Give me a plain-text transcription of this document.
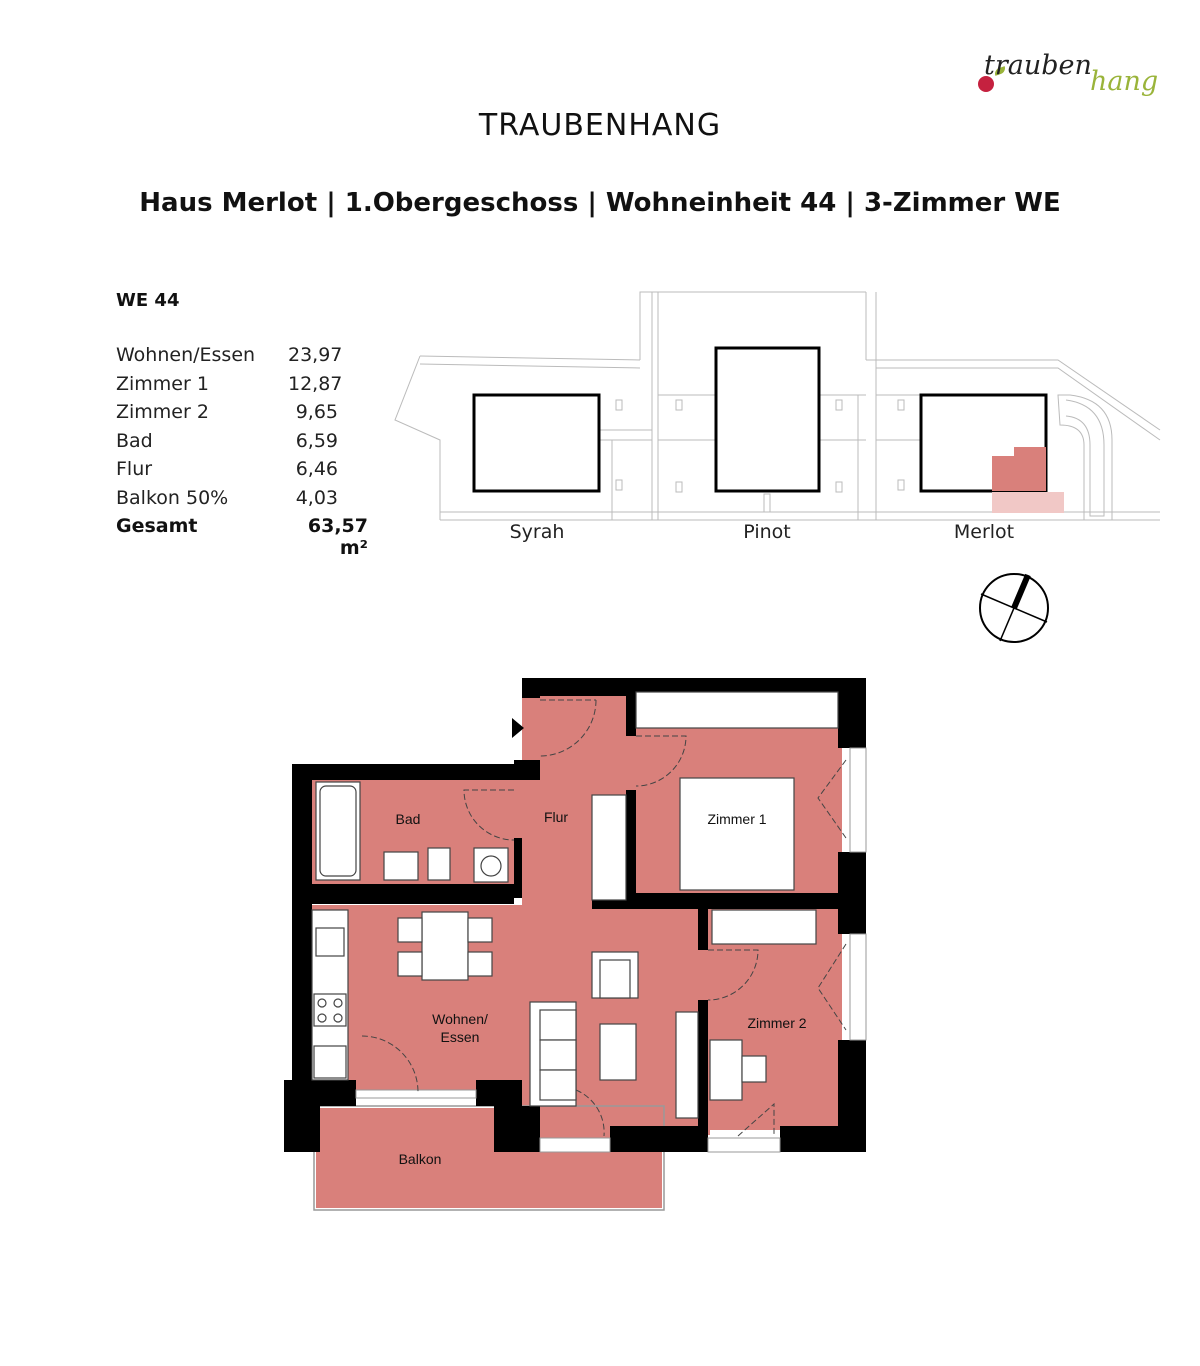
trauben
hang
TRAUBENHANG
Haus Merlot | 1.Obergeschoss | Wohneinheit 44 | 3-Zimmer WE
WE 44
Wohnen/Essen 23,97
Zimmer 1	12,87
Zimmer 2	9,65
Bad	6,59
Flur	6,46
Balkon 50%	4,03
Gesamt	63,57 m²
Syrah	Pinot	Merlot
Bad	Flur	Zimmer 1
Wohnen/
Essen
Zimmer 2
Balkon
